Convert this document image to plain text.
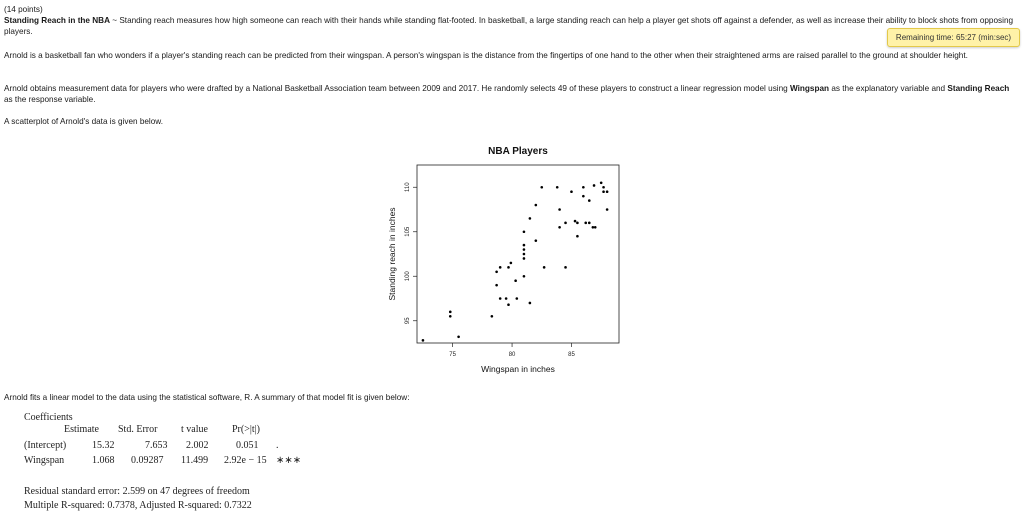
(14 points)
Standing Reach in the NBA ~ Standing reach measures how high someone can reach with their hands while standing flat-footed. In basketball, a large standing reach can help a player get shots off against a defender, as well as increase their ability to block shots from opposing players.
Remaining time: 65:27 (min:sec)
Arnold is a basketball fan who wonders if a player's standing reach can be predicted from their wingspan. A person's wingspan is the distance from the fingertips of one hand to the other when their straightened arms are raised parallel to the ground at shoulder height.
Arnold obtains measurement data for players who were drafted by a National Basketball Association team between 2009 and 2017. He randomly selects 49 of these players to construct a linear regression model using Wingspan as the explanatory variable and Standing Reach as the response variable.
A scatterplot of Arnold's data is given below.
NBA Players
Wingspan in inches
Standing reach in inches
75	80	85
95
100
105
110
Arnold fits a linear model to the data using the statistical software, R. A summary of that model fit is given below:
Coefficients
Estimate Std. Error t value Pr(>|t|)
(Intercept)	15.32	7.653 2.002	0.051 .
Wingspan	1.068 0.09287 11.499 2.92e − 15 ∗∗∗
Residual standard error: 2.599 on 47 degrees of freedom
Multiple R-squared: 0.7378, Adjusted R-squared: 0.7322
